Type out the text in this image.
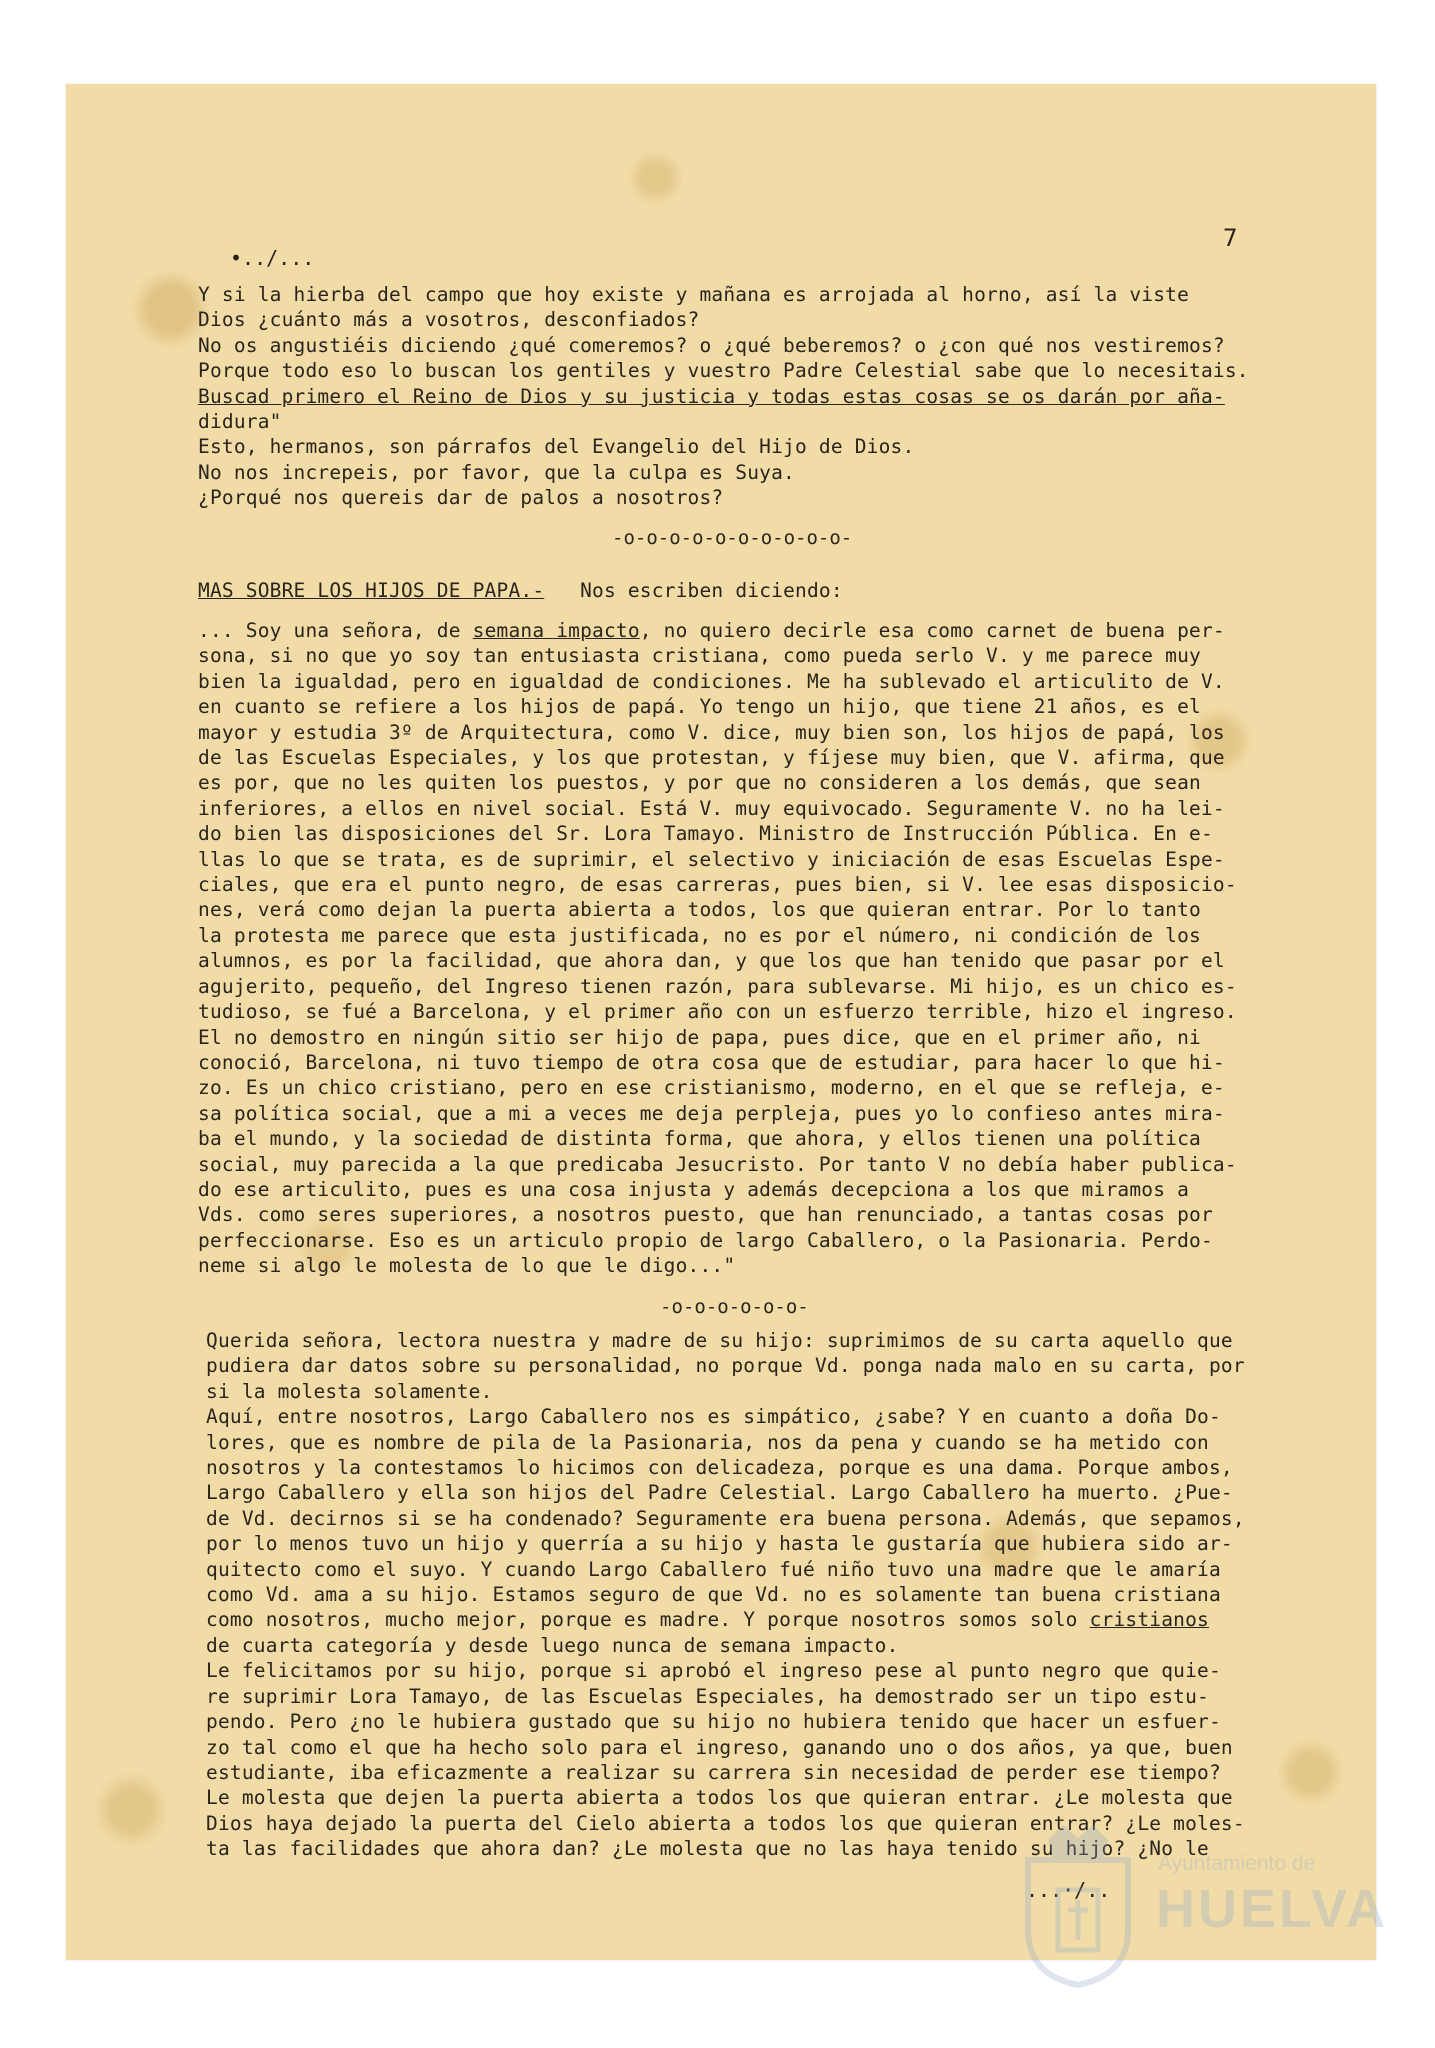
•../...
7
Y si la hierba del campo que hoy existe y mañana es arrojada al horno, así la viste
Dios ¿cuánto más a vosotros, desconfiados?
No os angustiéis diciendo ¿qué comeremos? o ¿qué beberemos? o ¿con qué nos vestiremos?
Porque todo eso lo buscan los gentiles y vuestro Padre Celestial sabe que lo necesitais.
Buscad primero el Reino de Dios y su justicia y todas estas cosas se os darán por aña-
didura"
Esto, hermanos, son párrafos del Evangelio del Hijo de Dios.
No nos increpeis, por favor, que la culpa es Suya.
¿Porqué nos quereis dar de palos a nosotros?
-o-o-o-o-o-o-o-o-o-o-
MAS SOBRE LOS HIJOS DE PAPA.- Nos escriben diciendo:
... Soy una señora, de semana impacto, no quiero decirle esa como carnet de buena per-
sona, si no que yo soy tan entusiasta cristiana, como pueda serlo V. y me parece muy
bien la igualdad, pero en igualdad de condiciones. Me ha sublevado el articulito de V.
en cuanto se refiere a los hijos de papá. Yo tengo un hijo, que tiene 21 años, es el
mayor y estudia 3º de Arquitectura, como V. dice, muy bien son, los hijos de papá, los
de las Escuelas Especiales, y los que protestan, y fíjese muy bien, que V. afirma, que
es por, que no les quiten los puestos, y por que no consideren a los demás, que sean
inferiores, a ellos en nivel social. Está V. muy equivocado. Seguramente V. no ha lei-
do bien las disposiciones del Sr. Lora Tamayo. Ministro de Instrucción Pública. En e-
llas lo que se trata, es de suprimir, el selectivo y iniciación de esas Escuelas Espe-
ciales, que era el punto negro, de esas carreras, pues bien, si V. lee esas disposicio-
nes, verá como dejan la puerta abierta a todos, los que quieran entrar. Por lo tanto
la protesta me parece que esta justificada, no es por el número, ni condición de los
alumnos, es por la facilidad, que ahora dan, y que los que han tenido que pasar por el
agujerito, pequeño, del Ingreso tienen razón, para sublevarse. Mi hijo, es un chico es-
tudioso, se fué a Barcelona, y el primer año con un esfuerzo terrible, hizo el ingreso.
El no demostro en ningún sitio ser hijo de papa, pues dice, que en el primer año, ni
conoció, Barcelona, ni tuvo tiempo de otra cosa que de estudiar, para hacer lo que hi-
zo. Es un chico cristiano, pero en ese cristianismo, moderno, en el que se refleja, e-
sa política social, que a mi a veces me deja perpleja, pues yo lo confieso antes mira-
ba el mundo, y la sociedad de distinta forma, que ahora, y ellos tienen una política
social, muy parecida a la que predicaba Jesucristo. Por tanto V no debía haber publica-
do ese articulito, pues es una cosa injusta y además decepciona a los que miramos a
Vds. como seres superiores, a nosotros puesto, que han renunciado, a tantas cosas por
perfeccionarse. Eso es un articulo propio de largo Caballero, o la Pasionaria. Perdo-
neme si algo le molesta de lo que le digo..."
-o-o-o-o-o-o-
Querida señora, lectora nuestra y madre de su hijo: suprimimos de su carta aquello que
pudiera dar datos sobre su personalidad, no porque Vd. ponga nada malo en su carta, por
si la molesta solamente.
Aquí, entre nosotros, Largo Caballero nos es simpático, ¿sabe? Y en cuanto a doña Do-
lores, que es nombre de pila de la Pasionaria, nos da pena y cuando se ha metido con
nosotros y la contestamos lo hicimos con delicadeza, porque es una dama. Porque ambos,
Largo Caballero y ella son hijos del Padre Celestial. Largo Caballero ha muerto. ¿Pue-
de Vd. decirnos si se ha condenado? Seguramente era buena persona. Además, que sepamos,
por lo menos tuvo un hijo y querría a su hijo y hasta le gustaría que hubiera sido ar-
quitecto como el suyo. Y cuando Largo Caballero fué niño tuvo una madre que le amaría
como Vd. ama a su hijo. Estamos seguro de que Vd. no es solamente tan buena cristiana
como nosotros, mucho mejor, porque es madre. Y porque nosotros somos solo cristianos
de cuarta categoría y desde luego nunca de semana impacto.
Le felicitamos por su hijo, porque si aprobó el ingreso pese al punto negro que quie-
re suprimir Lora Tamayo, de las Escuelas Especiales, ha demostrado ser un tipo estu-
pendo. Pero ¿no le hubiera gustado que su hijo no hubiera tenido que hacer un esfuer-
zo tal como el que ha hecho solo para el ingreso, ganando uno o dos años, ya que, buen
estudiante, iba eficazmente a realizar su carrera sin necesidad de perder ese tiempo?
Le molesta que dejen la puerta abierta a todos los que quieran entrar. ¿Le molesta que
Dios haya dejado la puerta del Cielo abierta a todos los que quieran entrar? ¿Le moles-
ta las facilidades que ahora dan? ¿Le molesta que no las haya tenido su  ¿No le
...·/..
Ayuntamiento de
HUELVA
